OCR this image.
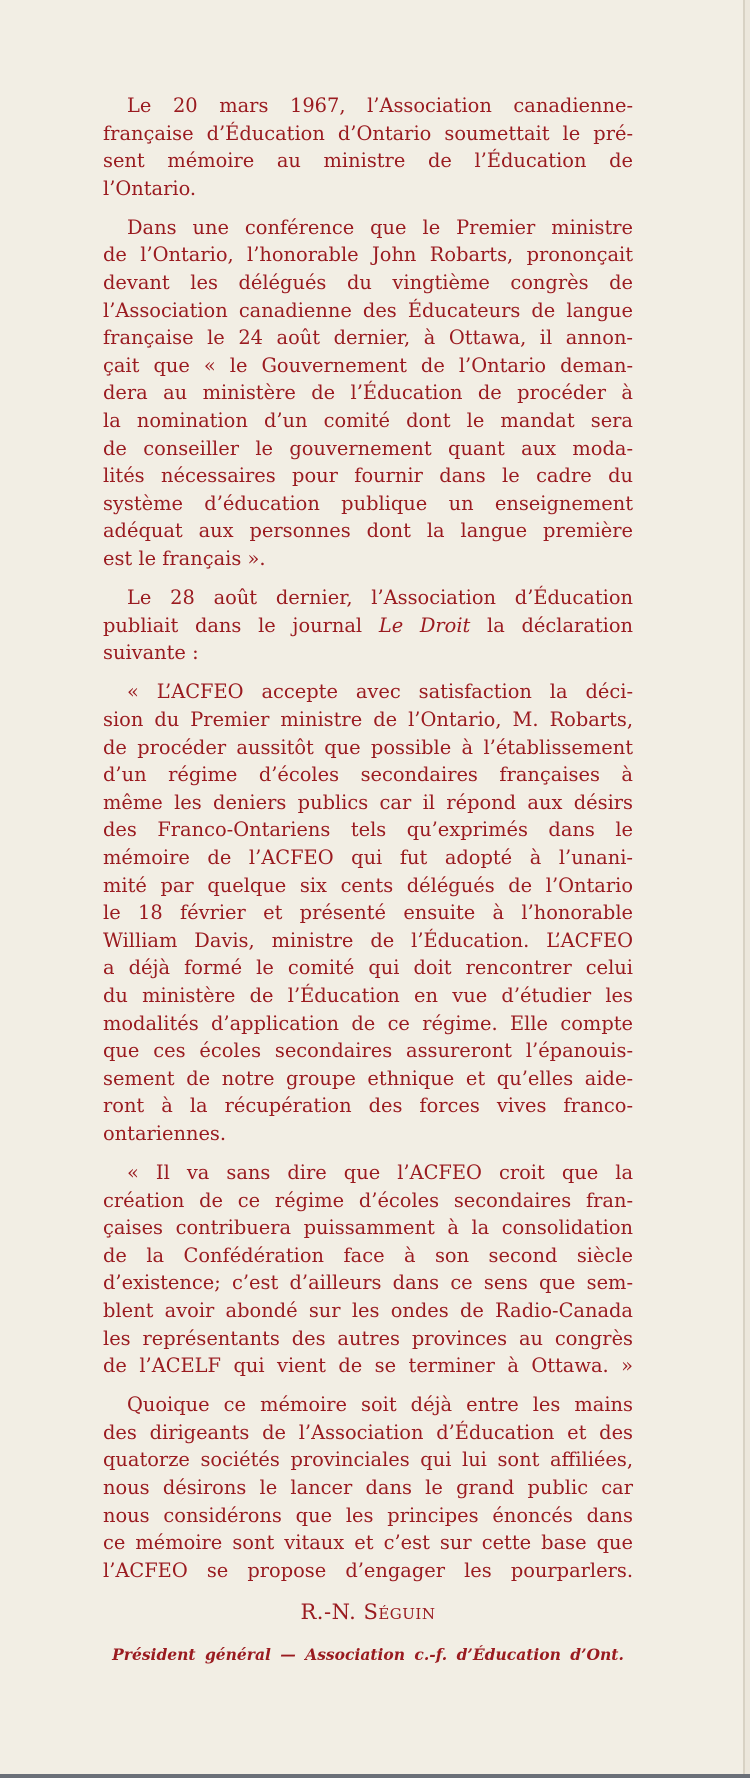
Le 20 mars 1967, l’Association canadienne-
française d’Éducation d’Ontario soumettait le pré-
sent mémoire au ministre de l’Éducation de
l’Ontario.

Dans une conférence que le Premier ministre
de l’Ontario, l’honorable John Robarts, prononçait
devant les délégués du vingtième congrès de
l’Association canadienne des Éducateurs de langue
française le 24 août dernier, à Ottawa, il annon-
çait que « le Gouvernement de l’Ontario deman-
dera au ministère de l’Éducation de procéder à
la nomination d’un comité dont le mandat sera
de conseiller le gouvernement quant aux moda-
lités nécessaires pour fournir dans le cadre du
système d’éducation publique un enseignement
adéquat aux personnes dont la langue première
est le français ».

Le 28 août dernier, l’Association d’Éducation
publiait dans le journal Le Droit la déclaration
suivante :

« L’ACFEO accepte avec satisfaction la déci-
sion du Premier ministre de l’Ontario, M. Robarts,
de procéder aussitôt que possible à l’établissement
d’un régime d’écoles secondaires françaises à
même les deniers publics car il répond aux désirs
des Franco-Ontariens tels qu’exprimés dans le
mémoire de l’ACFEO qui fut adopté à l’unani-
mité par quelque six cents délégués de l’Ontario
le 18 février et présenté ensuite à l’honorable
William Davis, ministre de l’Éducation. L’ACFEO
a déjà formé le comité qui doit rencontrer celui
du ministère de l’Éducation en vue d’étudier les
modalités d’application de ce régime. Elle compte
que ces écoles secondaires assureront l’épanouis-
sement de notre groupe ethnique et qu’elles aide-
ront à la récupération des forces vives franco-
ontariennes.

« Il va sans dire que l’ACFEO croit que la
création de ce régime d’écoles secondaires fran-
çaises contribuera puissamment à la consolidation
de la Confédération face à son second siècle
d’existence; c’est d’ailleurs dans ce sens que sem-
blent avoir abondé sur les ondes de Radio-Canada
les représentants des autres provinces au congrès
de l’ACELF qui vient de se terminer à Ottawa. »

Quoique ce mémoire soit déjà entre les mains
des dirigeants de l’Association d’Éducation et des
quatorze sociétés provinciales qui lui sont affiliées,
nous désirons le lancer dans le grand public car
nous considérons que les principes énoncés dans
ce mémoire sont vitaux et c’est sur cette base que
l’ACFEO se propose d’engager les pourparlers.

R.-N. Séguin
Président général — Association c.-f. d’Éducation d’Ont.
